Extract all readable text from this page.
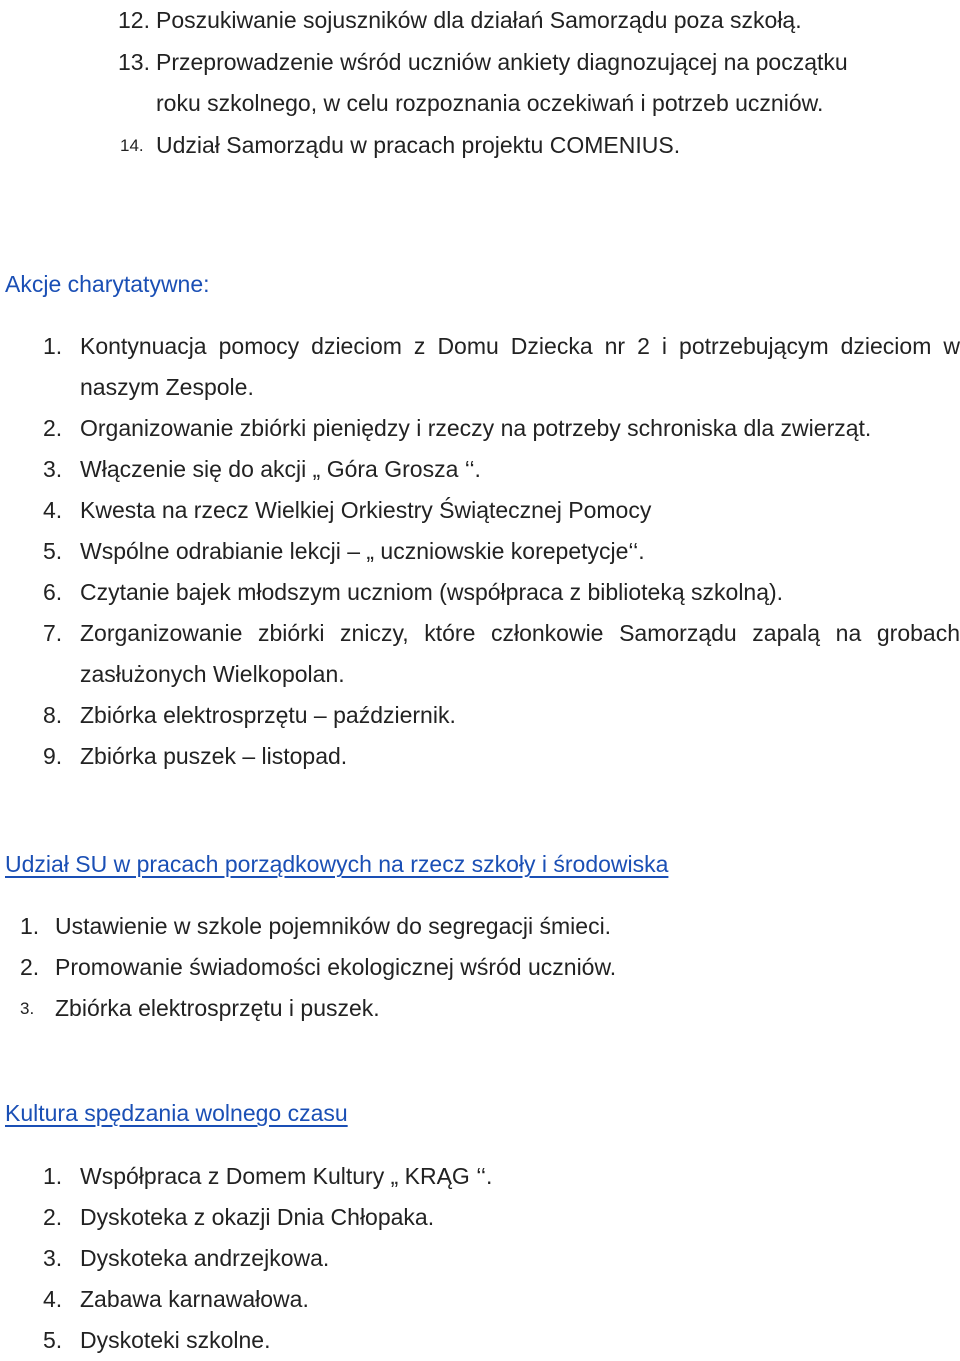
12. Poszukiwanie sojuszników dla działań Samorządu poza szkołą.
13. Przeprowadzenie wśród uczniów ankiety diagnozującej na początku roku szkolnego, w celu rozpoznania oczekiwań i potrzeb uczniów.
14. Udział Samorządu w pracach projektu COMENIUS.
Akcje charytatywne:
1. Kontynuacja pomocy dzieciom z Domu Dziecka nr 2 i potrzebującym dzieciom w naszym Zespole.
2. Organizowanie zbiórki pieniędzy i rzeczy na potrzeby schroniska dla zwierząt.
3. Włączenie się do akcji „ Góra Grosza ‘‘.
4. Kwesta na rzecz Wielkiej Orkiestry Świątecznej Pomocy
5. Wspólne odrabianie lekcji – „ uczniowskie korepetycje‘‘.
6. Czytanie bajek młodszym uczniom (współpraca z biblioteką szkolną).
7. Zorganizowanie zbiórki zniczy, które członkowie Samorządu zapalą na grobach zasłużonych Wielkopolan.
8. Zbiórka elektrosprzętu – październik.
9. Zbiórka puszek – listopad.
Udział SU w pracach porządkowych na rzecz szkoły i środowiska
1. Ustawienie w szkole pojemników do segregacji śmieci.
2. Promowanie świadomości ekologicznej wśród uczniów.
3. Zbiórka elektrosprzętu i puszek.
Kultura spędzania wolnego czasu
1. Współpraca z Domem Kultury „ KRĄG ‘‘.
2. Dyskoteka z okazji Dnia Chłopaka.
3. Dyskoteka andrzejkowa.
4. Zabawa karnawałowa.
5. Dyskoteki szkolne.
